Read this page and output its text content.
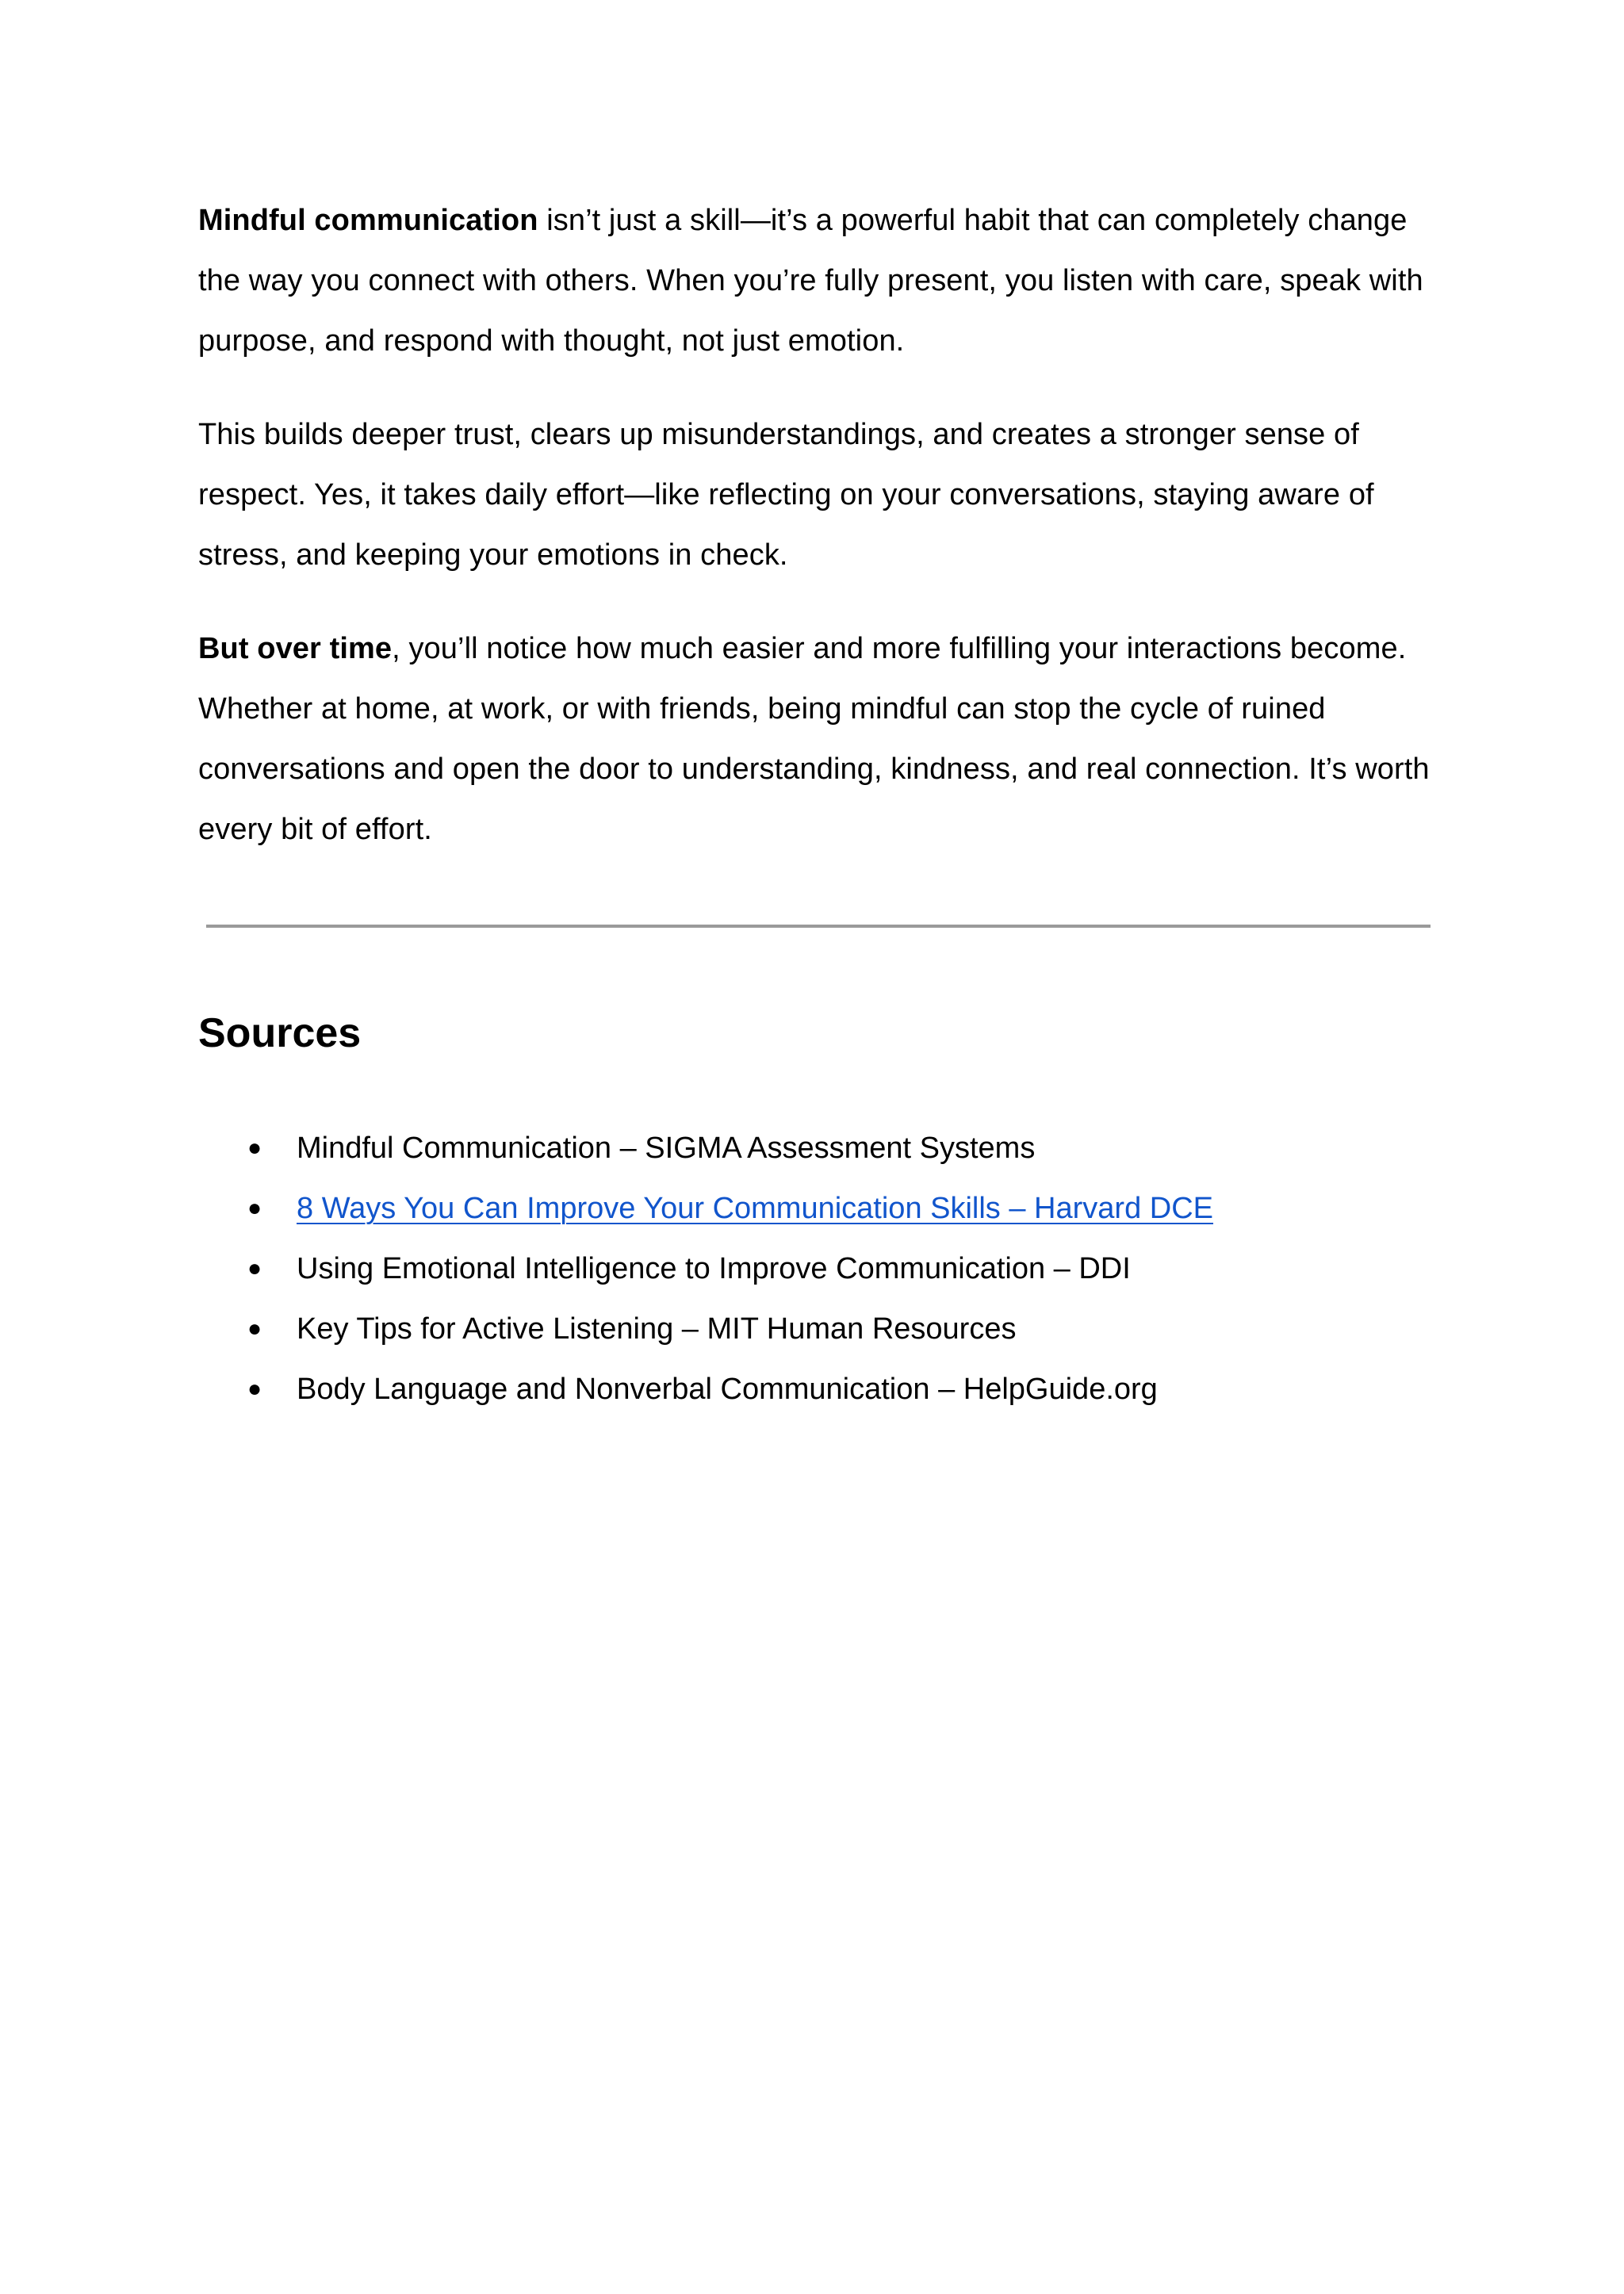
Mindful communication isn’t just a skill—it’s a powerful habit that can completely change the way you connect with others. When you’re fully present, you listen with care, speak with purpose, and respond with thought, not just emotion.

This builds deeper trust, clears up misunderstandings, and creates a stronger sense of respect. Yes, it takes daily effort—like reflecting on your conversations, staying aware of stress, and keeping your emotions in check.

But over time, you’ll notice how much easier and more fulfilling your interactions become. Whether at home, at work, or with friends, being mindful can stop the cycle of ruined conversations and open the door to understanding, kindness, and real connection. It’s worth every bit of effort.

Sources
● Mindful Communication – SIGMA Assessment Systems
● 8 Ways You Can Improve Your Communication Skills – Harvard DCE
● Using Emotional Intelligence to Improve Communication – DDI
● Key Tips for Active Listening – MIT Human Resources
● Body Language and Nonverbal Communication – HelpGuide.org
